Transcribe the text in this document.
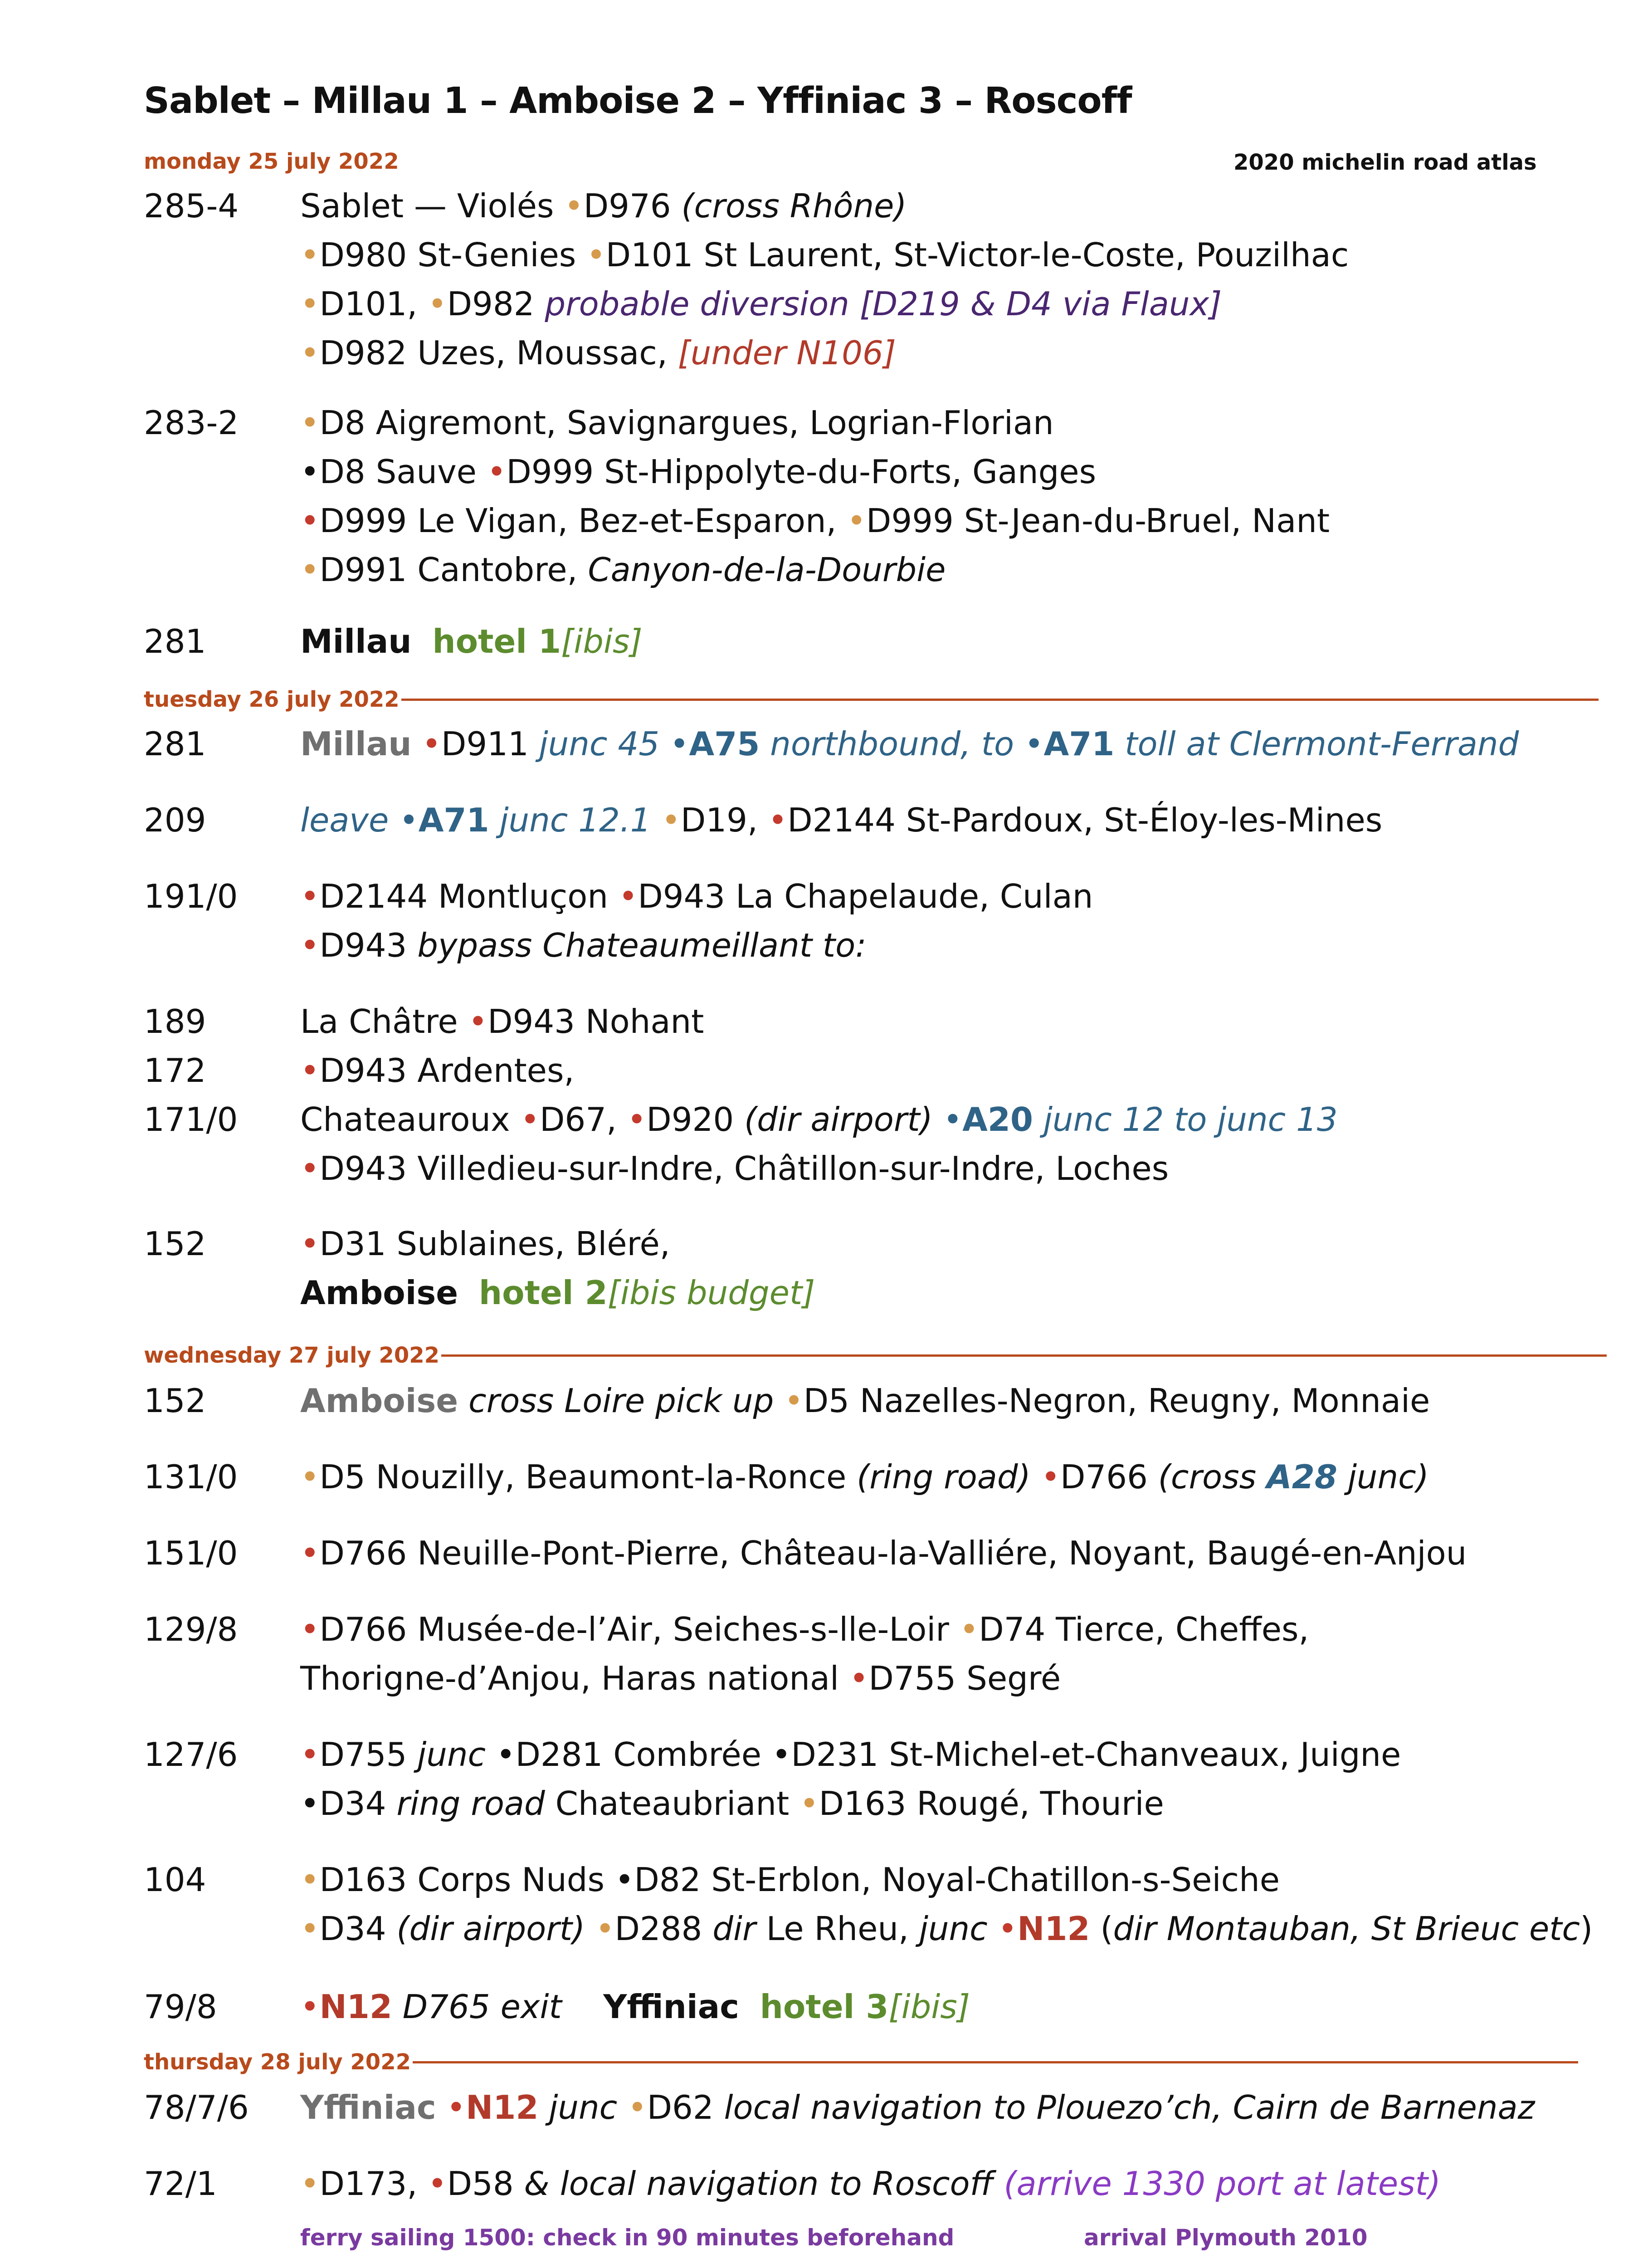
Sablet – Millau 1 – Amboise 2 – Yffiniac 3 – Roscoff
monday 25 july 2022	2020 michelin road atlas
285-4	Sablet — Violés •D976 (cross Rhône)
•D980 St-Genies •D101 St Laurent, St-Victor-le-Coste, Pouzilhac
•D101, •D982 probable diversion [D219 & D4 via Flaux]
•D982 Uzes, Moussac, [under N106]
283-2	•D8 Aigremont, Savignargues, Logrian-Florian
•D8 Sauve •D999 St-Hippolyte-du-Forts, Ganges
•D999 Le Vigan, Bez-et-Esparon, •D999 St-Jean-du-Bruel, Nant
•D991 Cantobre, Canyon-de-la-Dourbie
281	Millau hotel 1[ibis]
tuesday 26 july 2022
281	Millau •D911 junc 45 •A75 northbound, to •A71 toll at Clermont-Ferrand
209	leave •A71 junc 12.1 •D19, •D2144 St-Pardoux, St-Éloy-les-Mines
191/0	•D2144 Montluçon •D943 La Chapelaude, Culan
•D943 bypass Chateaumeillant to:
189	La Châtre •D943 Nohant
172	•D943 Ardentes,
171/0	Chateauroux •D67, •D920 (dir airport) •A20 junc 12 to junc 13
•D943 Villedieu-sur-Indre, Châtillon-sur-Indre, Loches
152	•D31 Sublaines, Bléré,
Amboise hotel 2[ibis budget]
wednesday 27 july 2022
152	Amboise cross Loire pick up •D5 Nazelles-Negron, Reugny, Monnaie
131/0	•D5 Nouzilly, Beaumont-la-Ronce (ring road) •D766 (cross A28 junc)
151/0	•D766 Neuille-Pont-Pierre, Château-la-Valliére, Noyant, Baugé-en-Anjou
129/8	•D766 Musée-de-l’Air, Seiches-s-lle-Loir •D74 Tierce, Cheffes,
Thorigne-d’Anjou, Haras national •D755 Segré
127/6	•D755 junc •D281 Combrée •D231 St-Michel-et-Chanveaux, Juigne
•D34 ring road Chateaubriant •D163 Rougé, Thourie
104	•D163 Corps Nuds •D82 St-Erblon, Noyal-Chatillon-s-Seiche
•D34 (dir airport) •D288 dir Le Rheu, junc •N12 (dir Montauban, St Brieuc etc)
79/8	•N12 D765 exit Yffiniac hotel 3[ibis]
thursday 28 july 2022
78/7/6	Yffiniac •N12 junc •D62 local navigation to Plouezo’ch, Cairn de Barnenaz
72/1	•D173, •D58 & local navigation to Roscoff (arrive 1330 port at latest)
ferry sailing 1500: check in 90 minutes beforehand	arrival Plymouth 2010
